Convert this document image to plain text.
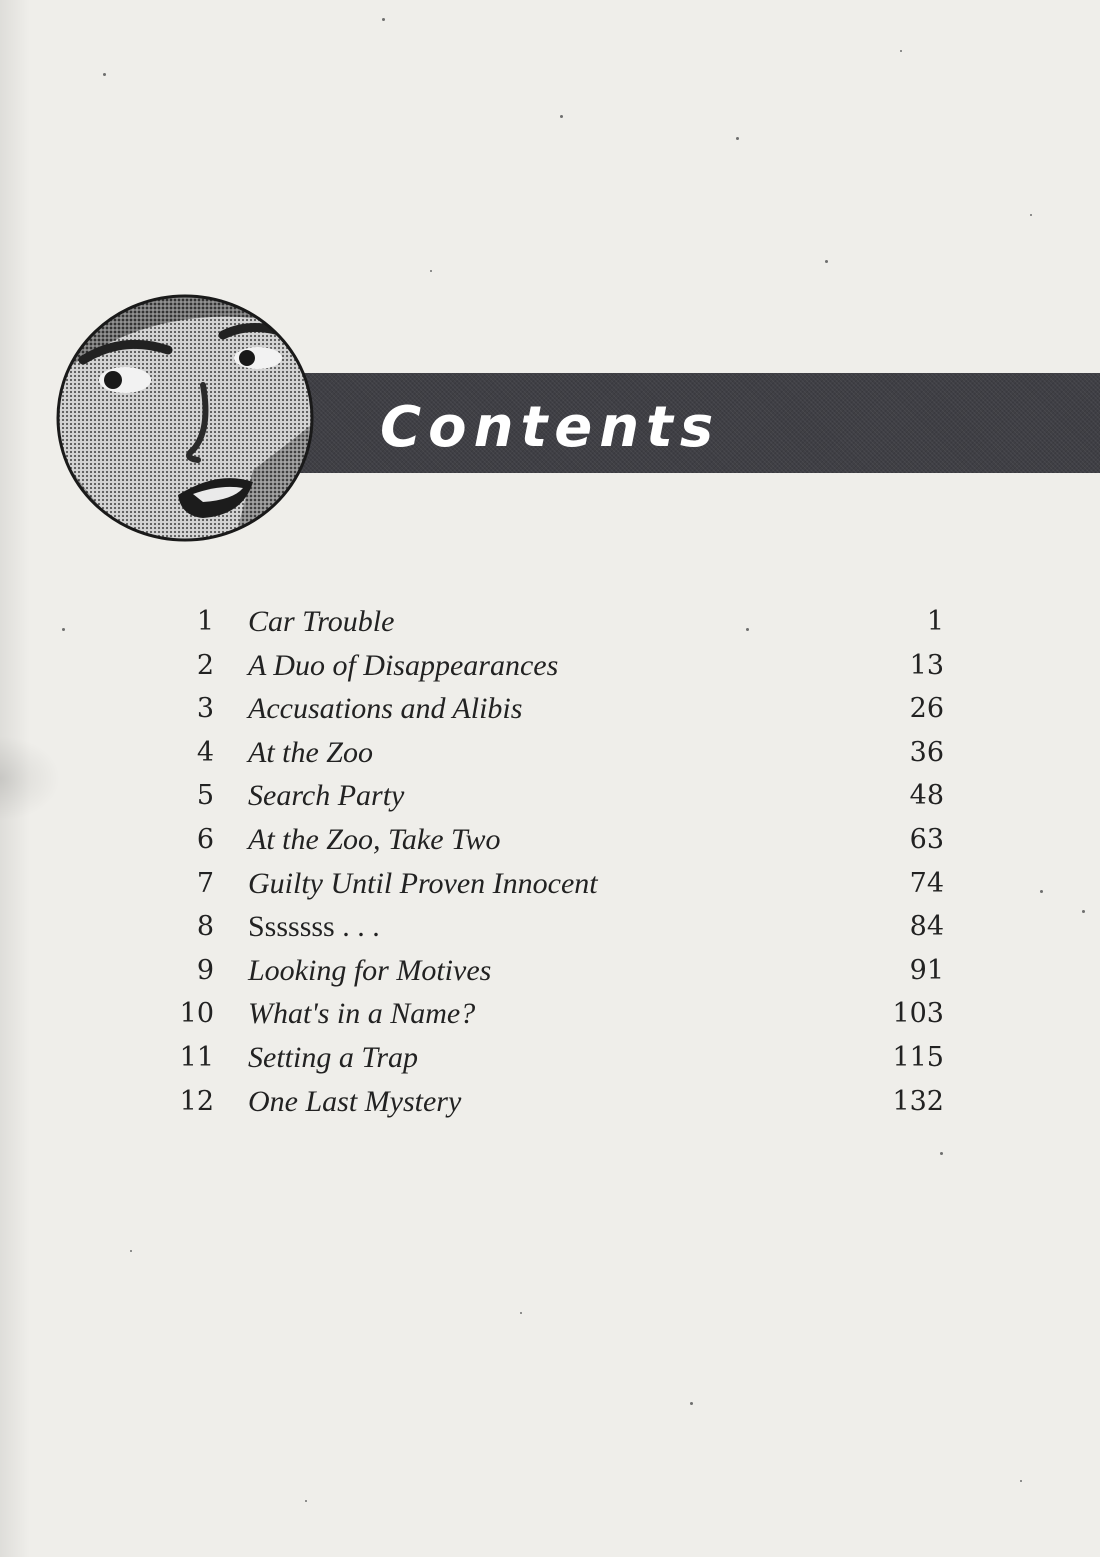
Contents
1 Car Trouble	1
2 A Duo of Disappearances	13
3 Accusations and Alibis	26
4 At the Zoo	36
5 Search Party	48
6 At the Zoo, Take Two	63
7 Guilty Until Proven Innocent	74
8 Sssssss . . .	84
9 Looking for Motives	91
10 What's in a Name?	103
11 Setting a Trap	115
12 One Last Mystery	132
